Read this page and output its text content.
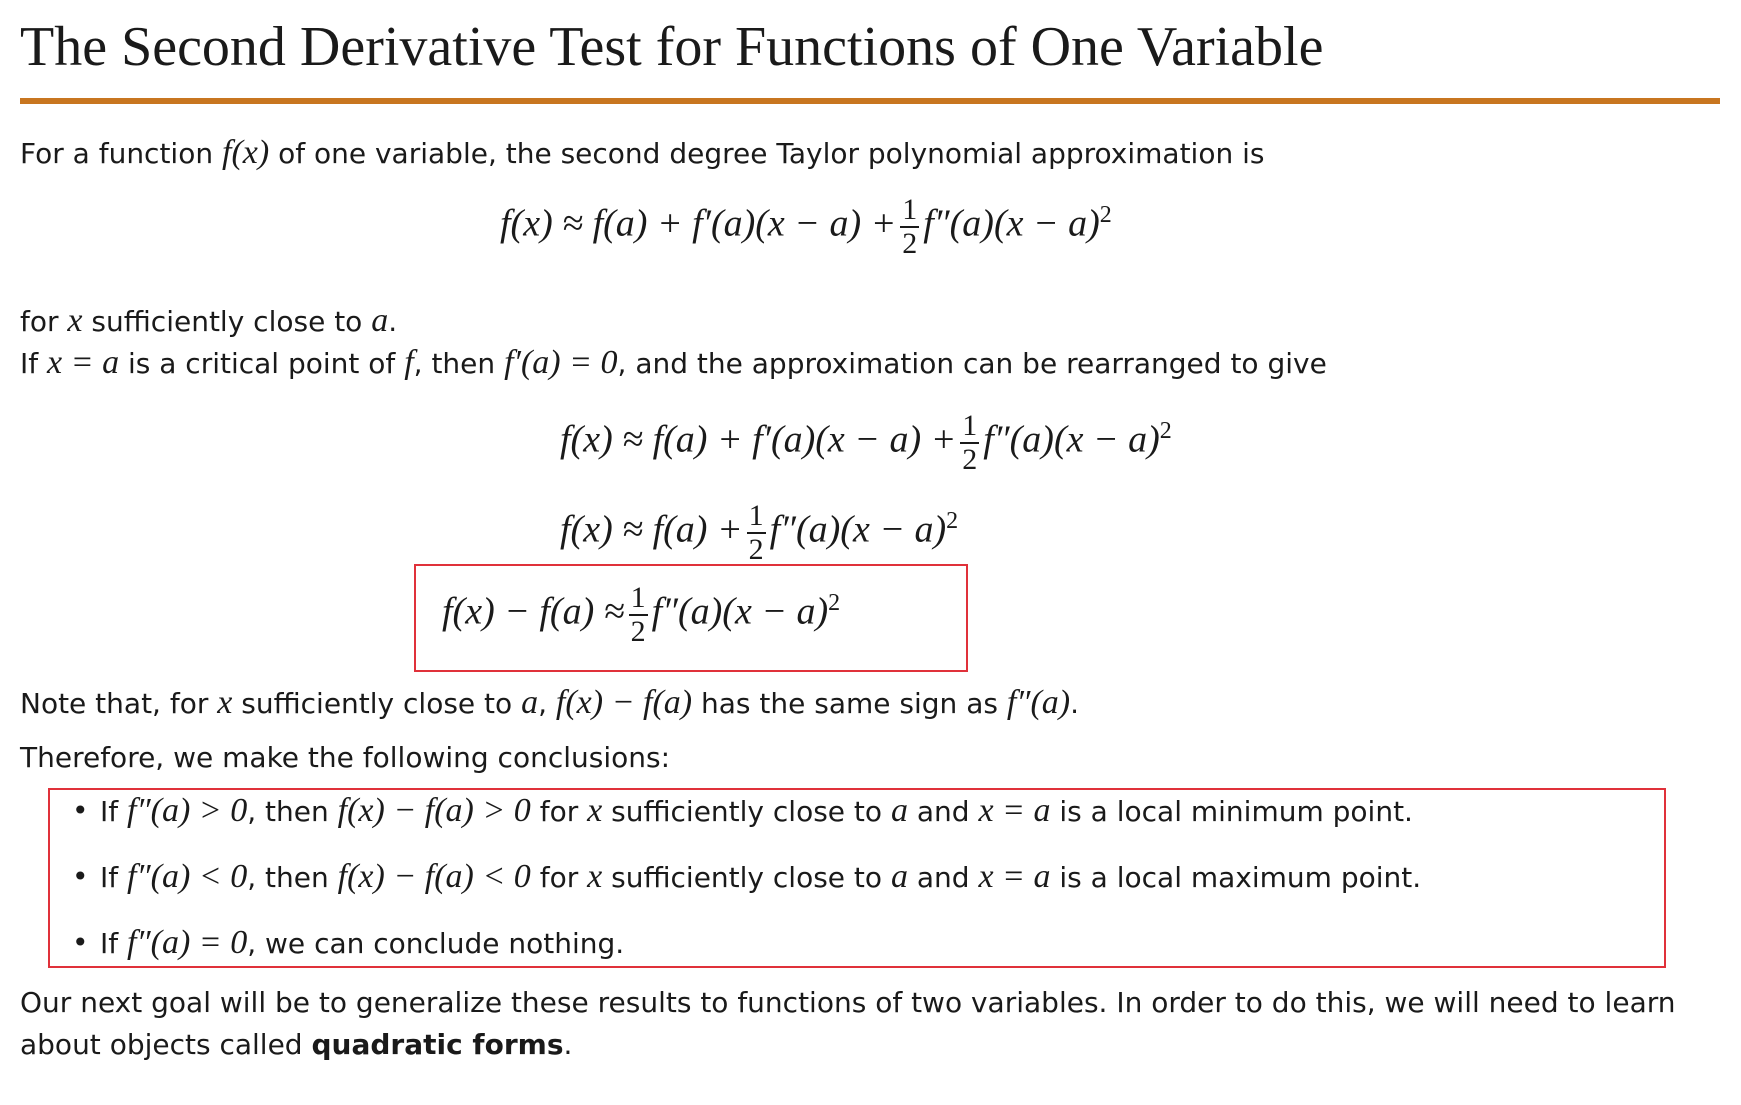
The Second Derivative Test for Functions of One Variable
For a function f(x) of one variable, the second degree Taylor polynomial approximation is
$f(x) \approx f(a) + f'(a)(x - a) + \frac{1}{2} f''(a)(x - a)^2$
for x sufficiently close to a.
If x = a is a critical point of f, then f′(a) = 0, and the approximation can be rearranged to give
$f(x) \approx f(a) + f'(a)(x - a) + \frac{1}{2} f''(a)(x - a)^2$
$f(x) \approx f(a) + \frac{1}{2} f''(a)(x - a)^2$
$f(x) - f(a) \approx \frac{1}{2} f''(a)(x - a)^2$
Note that, for x sufficiently close to a, f(x) − f(a) has the same sign as f″(a).
Therefore, we make the following conclusions:
• If f″(a) > 0, then f(x) − f(a) > 0 for x sufficiently close to a and x = a is a local minimum point.
• If f″(a) < 0, then f(x) − f(a) < 0 for x sufficiently close to a and x = a is a local maximum point.
• If f″(a) = 0, we can conclude nothing.
Our next goal will be to generalize these results to functions of two variables. In order to do this, we will need to learn about objects called quadratic forms.
